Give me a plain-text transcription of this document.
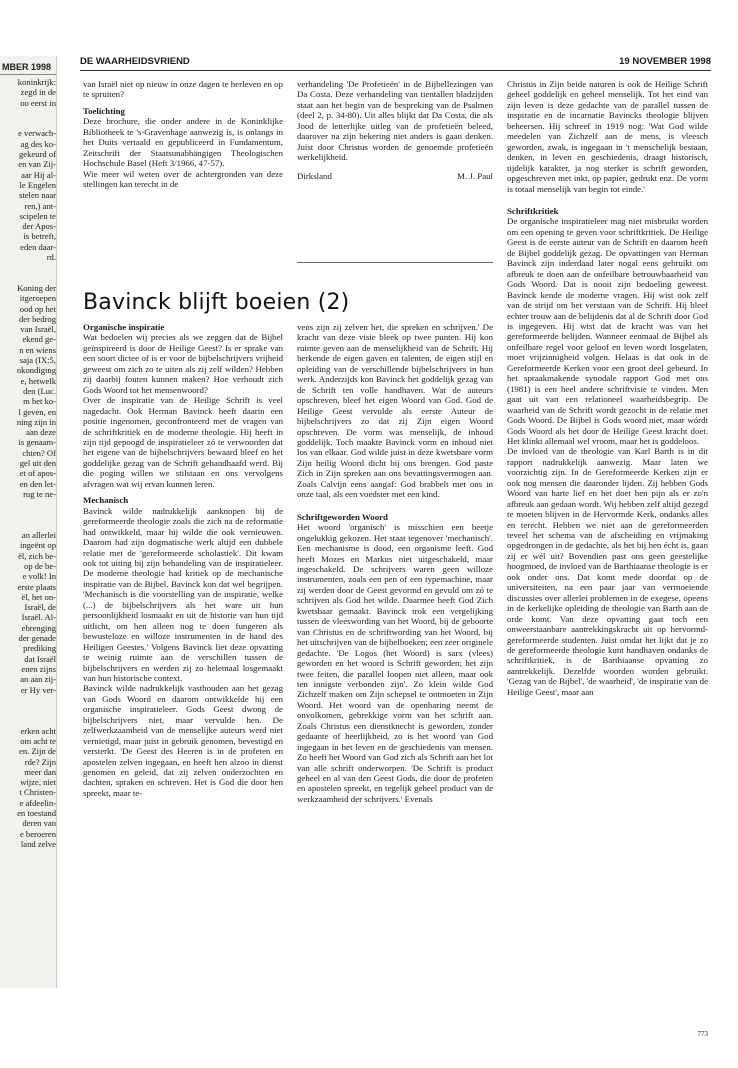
MBER 1998
koninkrijk:
zegd in de
oo eerst in

e verwach-
ag des ko-
gekeurd of
en van Zij-
aar Hij al-
le Engelen
stelen naar
ren,) ant-
scipelen te
der Apos-
is betreft,
eden daar-
rd.

Koning der
itgeroepen
ood op het
der bedrog
van Israël,
ekend ge-
n en wiens
saja (IX:5,
nkondiging
e, hetwelk
den (Luc.
m het ko-
l geven, en
ning zijn in
aan deze
is genaam-
chten? Of
gel uit den
et of apos-
en den let-
rug te ne-

an allerlei
ingeënt op
ël, zich be-
op de be-
e volk! In
erste plaats
ël, het on-
Israël, de
Israël. Al-
ebrenging
der genade
prediking
dat Israël
enen zijns
an aan zij-
er Hy ver-

erken acht
om acht te
en. Zijn de
rde? Zijn
meer dan
wijze, niet
t Christen-
e afdeelin-
en toestand
deren van
e beroeren
land zelve
DE WAARHEIDSVRIEND	19 NOVEMBER 1998

van Israël niet op nieuw in onze dagen te herleven en op te spruiten?

Toelichting

Deze brochure, die onder andere in de Koninklijke Bibliotheek te 's-Gravenhage aanwezig is, is onlangs in het Duits vertaald en gepubliceerd in Fundamentum, Zeitschrift der Staatsunabhängigen Theologischen Hochschule Basel (Heft 3/1966, 47-57).

Wie meer wil weten over de achtergronden van deze stellingen kan terecht in de

verhandeling 'De Profetieën' in de Bijbellezingen van Da Costa. Deze verhandeling van tientallen bladzijden staat aan het begin van de bespreking van de Psalmen (deel 2, p. 34-80). Uit alles blijkt dat Da Costa, die als Jood de letterlijke uitleg van de profetieën beleed, daarover na zijn bekering niet anders is gaan denken. Juist door Christus worden de genoemde profetieën werkelijkheid.

Dirksland	M. J. Paul
Bavinck blijft boeien (2)

Organische inspiratie

Wat bedoelen wij precies als we zeggen dat de Bijbel geïnspireerd is door de Heilige Geest? Is er sprake van een soort dictee of is er voor de bijbelschrijvers vrijheid geweest om zich zo te uiten als zij zelf wilden? Hebben zij daarbij fouten kunnen maken? Hoe verhoudt zich Gods Woord tot het mensenwoord?

Over de inspiratie van de Heilige Schrift is veel nagedacht. Ook Herman Bavinck heeft daarin een positie ingenomen, geconfronteerd met de vragen van de schriftkritiek en de moderne theologie. Hij heeft in zijn tijd gepoogd de inspiratieleer zó te verwoorden dat het eigene van de bijbelschrijvers bewaard bleef en het goddelijke gezag van de Schrift gehandhaafd werd. Bij die poging willen we stilstaan en ons vervolgens afvragen wat wij ervan kunnen leren.

Mechanisch

Bavinck wilde nadrukkelijk aanknopen bij de gereformeerde theologie zoals die zich na de reformatie had ontwikkeld, maar hij wilde die ook vernieuwen. Daarom had zijn dogmatische werk altijd een dubbele relatie met de 'gereformeerde scholastiek'. Dit kwam ook tot uiting bij zijn behandeling van de inspiratieleer. De moderne theologie had kritiek op de mechanische inspiratie van de Bijbel. Bavinck kon dat wel begrijpen. 'Mechanisch is die voorstelling van de inspiratie, welke (...) de bijbelschrijvers als het ware uit hun persoonlijkheid losmaakt en uit de historie van hun tijd uitlicht, om hen alleen nog te doen fungeren als bewusteloze en willoze instrumenten in de hand des Heiligen Geestes.' Volgens Bavinck liet deze opvatting te weinig ruimte aan de verschillen tussen de bijbelschrijvers en werden zij zo helemaal losgemaakt van hun historische context.

Bavinck wilde nadrukkelijk vasthouden aan het gezag van Gods Woord en daarom ontwikkelde hij een organische inspiratieleer. Gods Geest dwong de bijbelschrijvers niet, maar vervulde hen. De zelfwerkzaamheid van de menselijke auteurs werd niet vernietigd, maar juist in gebruik genomen, bevestigd en versterkt. 'De Geest des Heeren is in de profeten en apostelen zelven ingegaan, en heeft hen alzoo in dienst genomen en geleid, dat zij zelven onderzochten en dachten, spraken en schreven. Het is God die door hen spreekt, maar te-

vens zijn zij zelven het, die spreken en schrijven.' De kracht van deze visie bleek op twee punten. Hij kon ruimte geven aan de menselijkheid van de Schrift. Hij herkende de eigen gaven en talenten, de eigen stijl en opleiding van de verschillende bijbelschrijvers in hun werk. Anderzijds kon Bavinck het goddelijk gezag van de Schrift ten volle handhaven. Wat de auteurs opschreven, bleef het eigen Woord van God. God de Heilige Geest vervulde als eerste Auteur de bijbelschrijvers zo dat zij Zijn eigen Woord opschreven. De vorm was menselijk, de inhoud goddelijk. Toch maakte Bavinck vorm en inhoud niet los van elkaar. God wilde juist in deze kwetsbare vorm Zijn heilig Woord dicht bij ons brengen. God paste Zich in Zijn spreken aan ons bevattingsvermogen aan. Zoals Calvijn eens aangaf: God brabbelt met ons in onze taal, als een voedster met een kind.

Schriftgeworden Woord

Het woord 'organisch' is misschien een beetje ongelukkig gekozen. Het staat tegenover 'mechanisch'. Een mechanisme is dood, een organisme leeft. God heeft Mozes en Markus niet uitgeschakeld, maar ingeschakeld. De schrijvers waren geen willoze instrumenten, zoals een pen of een typemachine, maar zij werden door de Geest gevormd en gevuld om zó te schrijven als God het wilde. Daarmee heeft God Zich kwetsbaar gemaakt. Bavinck trok een vergelijking tussen de vleeswording van het Woord, bij de geboorte van Christus en de schriftwording van het Woord, bij het uitschrijven van de bijbelboeken; een zeer originele gedachte. 'De Logos (het Woord) is sarx (vlees) geworden en het woord is Schrift geworden; het zijn twee feiten, die parallel loopen niet alleen, maar ook ten innigste verbonden zijn'. Zo klein wilde God Zichzelf maken om Zijn schepsel te ontmoeten in Zijn Woord. Het woord van de openbaring neemt de onvolkomen, gebrekkige vorm van het schrift aan. Zoals Christus een dienstknecht is geworden, zonder gedaante of heerlijkheid, zo is het woord van God ingegaan in het leven en de geschiedenis van mensen. Zo heeft het Woord van God zich als Schrift aan het lot van alle schrift onderworpen. 'De Schrift is product geheel en al van den Geest Gods, die door de profeten en apostelen spreekt, en tegelijk geheel product van de werkzaamheid der schrijvers.' Evenals

Christus in Zijn beide naturen is ook de Heilige Schrift geheel goddelijk en geheel menselijk. Tot het eind van zijn leven is deze gedachte van de parallel tussen de inspiratie en de incarnatie Bavincks theologie blijven beheersen. Hij schreef in 1919 nog: 'Wat God wilde meedelen van Zichzelf aan de mens, is vleesch geworden, zwak, is ingegaan in 't menschelijk bestaan, denken, in leven en geschiedenis, draagt historisch, tijdelijk karakter, ja nog sterker is schrift geworden, opgeschreven met inkt, op papier, gedrukt enz. De vorm is totaal menselijk van begin tot einde.'

Schriftkritiek

De organische inspiratieleer mag niet misbruikt worden om een opening te geven voor schriftkritiek. De Heilige Geest is de eerste auteur van de Schrift en daarom heeft de Bijbel goddelijk gezag. De opvattingen van Herman Bavinck zijn inderdaad later nogal eens gebruikt om afbreuk te doen aan de onfeilbare betrouwbaarheid van Gods Woord. Dat is nooit zijn bedoeling geweest. Bavinck kende de moderne vragen. Hij wist ook zelf van de strijd om het verstaan van de Schrift. Hij bleef echter trouw aan de belijdenis dat al de Schrift door God is ingegeven. Hij wist dat de kracht was van het gereformeerde belijden. Wanneer eenmaal de Bijbel als onfeilbare regel voor geloof en leven wordt losgelaten, moet vrijzinnigheid volgen. Helaas is dat ook in de Gereformeerde Kerken voor een groot deel gebeurd. In het spraakmakende synodale rapport God met ons (1981) is een heel andere schriftvisie te vinden. Men gaat uit van een relationeel waarheidsbegrip. De waarheid van de Schrift wordt gezocht in de relatie met Gods Woord. De Bijbel is Gods woord niet, maar wórdt Gods Woord als het door de Heilige Geest kracht doet. Het klinkt allemaal wel vroom, maar het is goddeloos.

De invloed van de theologie van Karl Barth is in dit rapport nadrukkelijk aanwezig. Maar laten we voorzichtig zijn. In de Gereformeerde Kerken zijn er ook nog mensen die daaronder lijden. Zij hebben Gods Woord van harte lief en het doet hen pijn als er zo'n afbreuk aan gedaan wordt. Wij hebben zelf altijd gezegd te moeten blijven in de Hervormde Kerk, ondanks alles en terecht. Hebben we niet aan de gereformeerden teveel het schema van de afscheiding en vrijmaking opgedrongen in de gedachte, als het bij hen écht is, gaan zij er wél uit? Bovendien past ons geen geestelijke hoogmoed, de invloed van de Barthiaanse theologie is er ook onder ons. Dat komt mede doordat op de universiteiten, na een paar jaar van vermoeiende discussies over allerlei problemen in de exegese, opeens in de kerkelijke opleiding de theologie van Barth aan de orde komt. Van deze opvatting gaat toch een onweerstaanbare aantrekkingskracht uit op hervormd-gereformeerde studenten. Juist omdat het lijkt dat je zo de gereformeerde theologie kunt handhaven ondanks de schriftkritiek, is de Barthiaanse opvatting zo aantrekkelijk. Dezelfde woorden worden gebruikt. 'Gezag van de Bijbel', 'de waarheid', 'de inspiratie van de Heilige Geest', maar aan

773
